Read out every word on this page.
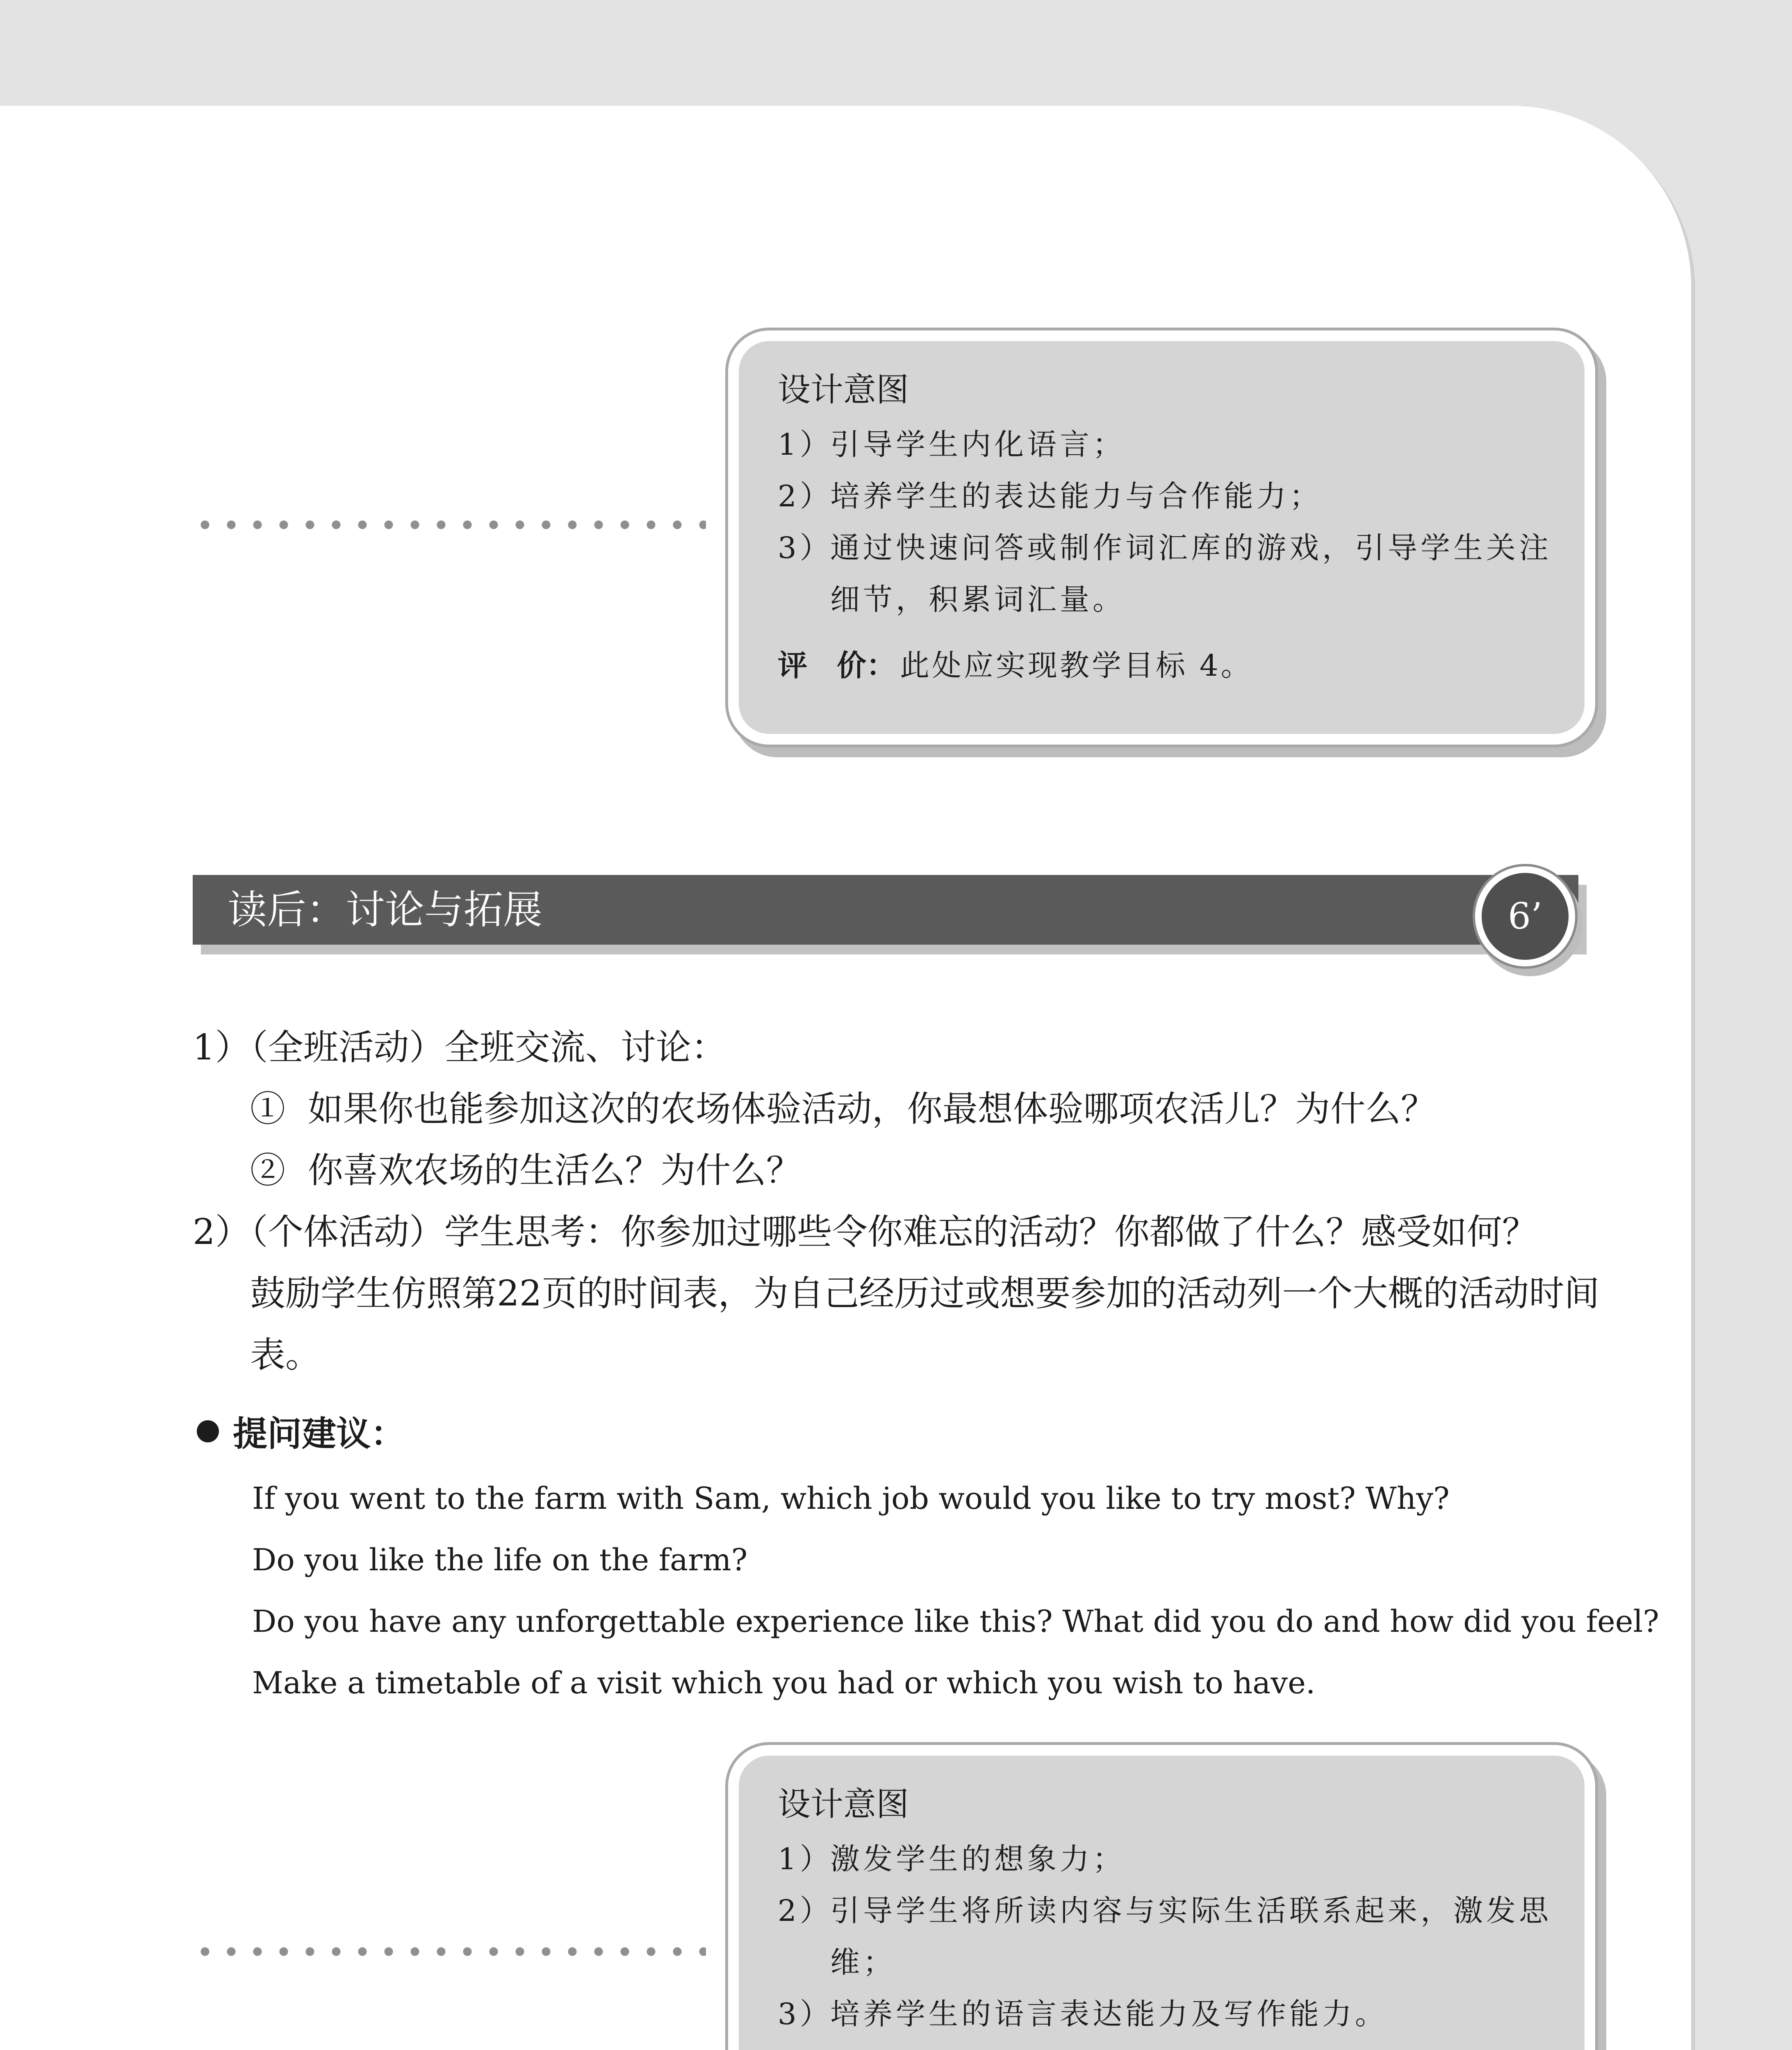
设计意图
1）引导学生内化语言；
2）培养学生的表达能力与合作能力；
3）
通过快速问答或制作词汇库的游戏，引导学生关注细节，积累词汇量。
评　价： 此处应实现教学目标 4。
读后：讨论与拓展	6’
1）（全班活动）全班交流、讨论：
① 如果你也能参加这次的农场体验活动，你最想体验哪项农活儿？为什么？
② 你喜欢农场的生活么？为什么？
2）（个体活动）学生思考：你参加过哪些令你难忘的活动？你都做了什么？感受如何？
鼓励学生仿照第22页的时间表，为自己经历过或想要参加的活动列一个大概的活动时间表。
提问建议：
If you went to the farm with Sam, which job would you like to try most? Why?
Do you like the life on the farm?
Do you have any unforgettable experience like this? What did you do and how did you feel?
Make a timetable of a visit which you had or which you wish to have.
设计意图
1）激发学生的想象力；
2）
引导学生将所读内容与实际生活联系起来，激发思维；
3）培养学生的语言表达能力及写作能力。
